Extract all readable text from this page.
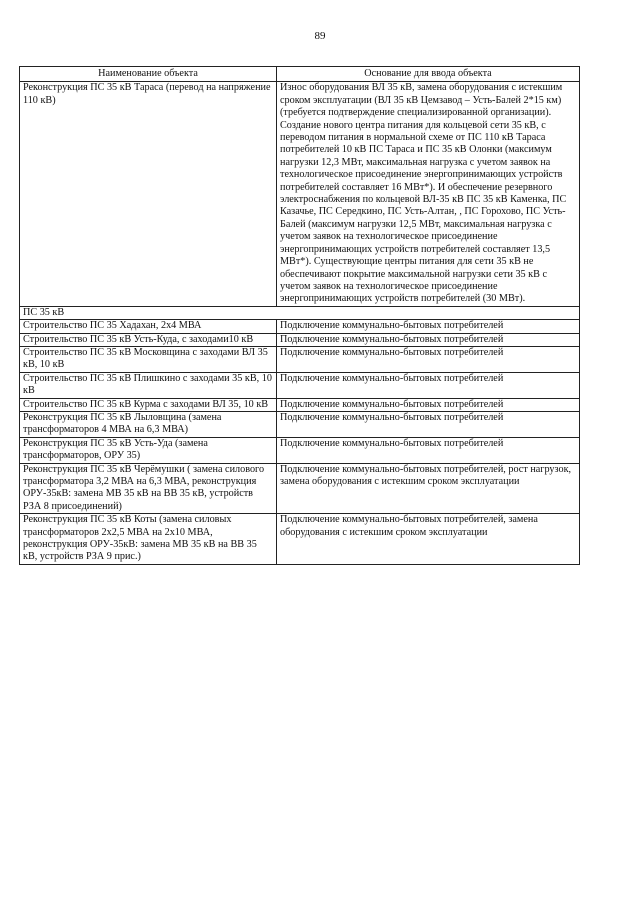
89
Наименование объекта	Основание для ввода объекта

Реконструкция ПС 35 кВ Тараса (перевод на напряжение 110 кВ)	Износ оборудования ВЛ 35 кВ, замена оборудования с истекшим сроком эксплуатации (ВЛ 35 кВ Цемзавод – Усть-Балей 2*15 км) (требуется подтверждение специализированной организации). Создание нового центра питания для кольцевой сети 35 кВ, с переводом питания в нормальной схеме от ПС 110 кВ Тараса потребителей 10 кВ ПС Тараса и ПС 35 кВ Олонки (максимум нагрузки 12,3 МВт, максимальная нагрузка с учетом заявок на технологическое присоединение энергопринимающих устройств потребителей составляет 16 МВт*). И обеспечение резервного электроснабжения по кольцевой ВЛ-35 кВ ПС 35 кВ Каменка, ПС Казачье, ПС Середкино, ПС Усть-Алтан, , ПС Горохово, ПС Усть-Балей (максимум нагрузки 12,5 МВт, максимальная нагрузка с учетом заявок на технологическое присоединение энергопринимающих устройств потребителей составляет 13,5 МВт*). Существующие центры питания для сети 35 кВ не обеспечивают покрытие максимальной нагрузки сети 35 кВ с учетом заявок на технологическое присоединение энергопринимающих устройств потребителей (30 МВт).

ПС 35 кВ	
Строительство ПС 35 Хадахан, 2х4 МВА	Подключение коммунально-бытовых потребителей
Строительство ПС 35 кВ Усть-Куда, с заходами10 кВ	Подключение коммунально-бытовых потребителей
Строительство ПС 35 кВ Московщина с заходами ВЛ 35 кВ, 10 кВ	Подключение коммунально-бытовых потребителей
Строительство ПС 35 кВ Плишкино с заходами 35 кВ, 10 кВ	Подключение коммунально-бытовых потребителей
Строительство ПС 35 кВ Курма с заходами ВЛ 35, 10 кВ	Подключение коммунально-бытовых потребителей
Реконструкция ПС 35 кВ Лыловщина (замена трансформаторов 4 МВА на 6,3 МВА)	Подключение коммунально-бытовых потребителей
Реконструкция ПС 35 кВ Усть-Уда (замена трансформаторов, ОРУ 35)	Подключение коммунально-бытовых потребителей
Реконструкция ПС 35 кВ Черёмушки ( замена силового трансформатора 3,2 МВА на 6,3 МВА, реконструкция ОРУ-35кВ: замена МВ 35 кВ на ВВ 35 кВ, устройств РЗА 8 присоединений)	Подключение коммунально-бытовых потребителей, рост нагрузок, замена оборудования с истекшим сроком эксплуатации
Реконструкция ПС 35 кВ Коты (замена силовых трансформаторов 2х2,5 МВА на 2х10 МВА, реконструкция ОРУ-35кВ: замена МВ 35 кВ на ВВ 35 кВ, устройств РЗА 9 прис.)	Подключение коммунально-бытовых потребителей, замена оборудования с истекшим сроком эксплуатации
